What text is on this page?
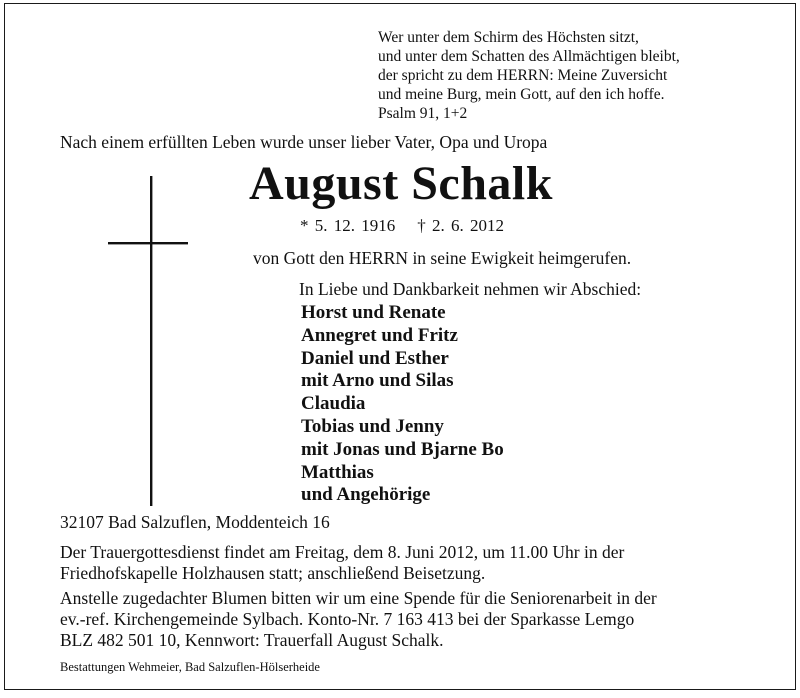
Wer unter dem Schirm des Höchsten sitzt,
und unter dem Schatten des Allmächtigen bleibt,
der spricht zu dem HERRN: Meine Zuversicht
und meine Burg, mein Gott, auf den ich hoffe.
Psalm 91, 1+2
Nach einem erfüllten Leben wurde unser lieber Vater, Opa und Uropa
August Schalk
* 5. 12. 1916 † 2. 6. 2012
von Gott den HERRN in seine Ewigkeit heimgerufen.
In Liebe und Dankbarkeit nehmen wir Abschied:
Horst und Renate
Annegret und Fritz
Daniel und Esther
mit Arno und Silas
Claudia
Tobias und Jenny
mit Jonas und Bjarne Bo
Matthias
und Angehörige
32107 Bad Salzuflen, Moddenteich 16
Der Trauergottesdienst findet am Freitag, dem 8. Juni 2012, um 11.00 Uhr in der
Friedhofskapelle Holzhausen statt; anschließend Beisetzung.
Anstelle zugedachter Blumen bitten wir um eine Spende für die Seniorenarbeit in der
ev.-ref. Kirchengemeinde Sylbach. Konto-Nr. 7 163 413 bei der Sparkasse Lemgo
BLZ 482 501 10, Kennwort: Trauerfall August Schalk.
Bestattungen Wehmeier, Bad Salzuflen-Hölserheide
